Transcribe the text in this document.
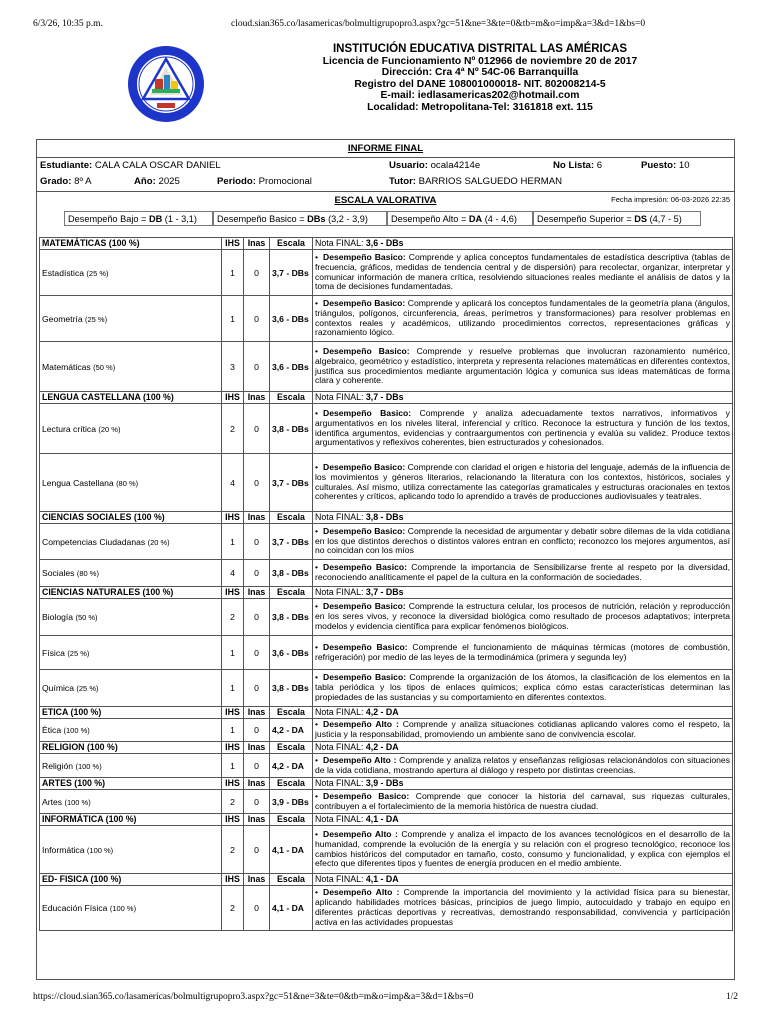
6/3/26, 10:35 p.m.	cloud.sian365.co/lasamericas/bolmultigrupopro3.aspx?gc=51&ne=3&te=0&tb=m&o=imp&a=3&d=1&bs=0
INSTITUCIÓN EDUCATIVA DISTRITAL LAS AMÉRICAS
Licencia de Funcionamiento Nº 012966 de noviembre 20 de 2017
Dirección: Cra 4ª Nº 54C-06 Barranquilla
Registro del DANE 108001000018- NIT. 802008214-5
E-mail: iedlasamericas202@hotmail.com
Localidad: Metropolitana-Tel: 3161818 ext. 115
INFORME FINAL
Estudiante: CALA CALA OSCAR DANIEL	Usuario: ocala4214e	No Lista: 6	Puesto: 10
Grado: 8º A	Año: 2025	Periodo: Promocional	Tutor: BARRIOS SALGUEDO HERMAN
ESCALA VALORATIVA	Fecha impresión: 06-03-2026 22:35
Desempeño Bajo = DB (1 - 3,1)	Desempeño Basico = DBs (3,2 - 3,9)	Desempeño Alto = DA (4 - 4,6)	Desempeño Superior = DS (4,7 - 5)
MATEMÁTICAS (100 %)	IHS	Inas	Escala	Nota FINAL: 3,6 - DBs
Estadística (25 %)	1	0	3,7 - DBs	• Desempeño Basico: Comprende y aplica conceptos fundamentales de estadística descriptiva (tablas de frecuencia, gráficos, medidas de tendencia central y de dispersión) para recolectar, organizar, interpretar y comunicar información de manera crítica, resolviendo situaciones reales mediante el análisis de datos y la toma de decisiones fundamentadas.
Geometría (25 %)	1	0	3,6 - DBs	• Desempeño Basico: Comprende y aplicará los conceptos fundamentales de la geometría plana (ángulos, triángulos, polígonos, circunferencia, áreas, perímetros y transformaciones) para resolver problemas en contextos reales y académicos, utilizando procedimientos correctos, representaciones gráficas y razonamiento lógico.
Matemáticas (50 %)	3	0	3,6 - DBs	• Desempeño Basico: Comprende y resuelve problemas que involucran razonamiento numérico, algebraico, geométrico y estadístico, interpreta y representa relaciones matemáticas en diferentes contextos, justifica sus procedimientos mediante argumentación lógica y comunica sus ideas matemáticas de forma clara y coherente.
LENGUA CASTELLANA (100 %)	IHS	Inas	Escala	Nota FINAL: 3,7 - DBs
Lectura crítica (20 %)	2	0	3,8 - DBs	• Desempeño Basico: Comprende y analiza adecuadamente textos narrativos, informativos y argumentativos en los niveles literal, inferencial y crítico. Reconoce la estructura y función de los textos, identifica argumentos, evidencias y contraargumentos con pertinencia y evalúa su validez. Produce textos argumentativos y reflexivos coherentes, bien estructurados y cohesionados.
Lengua Castellana (80 %)	4	0	3,7 - DBs	• Desempeño Basico: Comprende con claridad el origen e historia del lenguaje, además de la influencia de los movimientos y géneros literarios, relacionando la literatura con los contextos, históricos, sociales y culturales. Así mismo, utiliza correctamente las categorías gramaticales y estructuras oracionales en textos coherentes y críticos, aplicando todo lo aprendido a través de producciones audiovisuales y teatrales.
CIENCIAS SOCIALES (100 %)	IHS	Inas	Escala	Nota FINAL: 3,8 - DBs
Competencias Ciudadanas (20 %)	1	0	3,7 - DBs	• Desempeño Basico: Comprende la necesidad de argumentar y debatir sobre dilemas de la vida cotidiana en los que distintos derechos o distintos valores entran en conflicto; reconozco los mejores argumentos, así no coincidan con los míos
Sociales (80 %)	4	0	3,8 - DBs	• Desempeño Basico: Comprende la importancia de Sensibilizarse frente al respeto por la diversidad, reconociendo analíticamente el papel de la cultura en la conformación de sociedades.
CIENCIAS NATURALES (100 %)	IHS	Inas	Escala	Nota FINAL: 3,7 - DBs
Biología (50 %)	2	0	3,8 - DBs	• Desempeño Basico: Comprende la estructura celular, los procesos de nutrición, relación y reproducción en los seres vivos, y reconoce la diversidad biológica como resultado de procesos adaptativos; interpreta modelos y evidencia científica para explicar fenómenos biológicos.
Física (25 %)	1	0	3,6 - DBs	• Desempeño Basico: Comprende el funcionamiento de máquinas térmicas (motores de combustión, refrigeración) por medio de las leyes de la termodinámica (primera y segunda ley)
Química (25 %)	1	0	3,8 - DBs	• Desempeño Basico: Comprende la organización de los átomos, la clasificación de los elementos en la tabla periódica y los tipos de enlaces químicos; explica cómo estas características determinan las propiedades de las sustancias y su comportamiento en diferentes contextos.
ETICA (100 %)	IHS	Inas	Escala	Nota FINAL: 4,2 - DA
Ética (100 %)	1	0	4,2 - DA	• Desempeño Alto : Comprende y analiza situaciones cotidianas aplicando valores como el respeto, la justicia y la responsabilidad, promoviendo un ambiente sano de convivencia escolar.
RELIGION (100 %)	IHS	Inas	Escala	Nota FINAL: 4,2 - DA
Religión (100 %)	1	0	4,2 - DA	• Desempeño Alto : Comprende y analiza relatos y enseñanzas religiosas relacionándolos con situaciones de la vida cotidiana, mostrando apertura al diálogo y respeto por distintas creencias.
ARTES (100 %)	IHS	Inas	Escala	Nota FINAL: 3,9 - DBs
Artes (100 %)	2	0	3,9 - DBs	• Desempeño Basico: Comprende que conocer la historia del carnaval, sus riquezas culturales, contribuyen a el fortalecimiento de la memoria histórica de nuestra ciudad.
INFORMÁTICA (100 %)	IHS	Inas	Escala	Nota FINAL: 4,1 - DA
Informática (100 %)	2	0	4,1 - DA	• Desempeño Alto : Comprende y analiza el impacto de los avances tecnológicos en el desarrollo de la humanidad, comprende la evolución de la energía y su relación con el progreso tecnológico, reconoce los cambios históricos del computador en tamaño, costo, consumo y funcionalidad, y explica con ejemplos el efecto que diferentes tipos y fuentes de energía producen en el medio ambiente.
ED- FISICA (100 %)	IHS	Inas	Escala	Nota FINAL: 4,1 - DA
Educación Física (100 %)	2	0	4,1 - DA	• Desempeño Alto : Comprende la importancia del movimiento y la actividad física para su bienestar, aplicando habilidades motrices básicas, principios de juego limpio, autocuidado y trabajo en equipo en diferentes prácticas deportivas y recreativas, demostrando responsabilidad, convivencia y participación activa en las actividades propuestas
https://cloud.sian365.co/lasamericas/bolmultigrupopro3.aspx?gc=51&ne=3&te=0&tb=m&o=imp&a=3&d=1&bs=0	1/2
